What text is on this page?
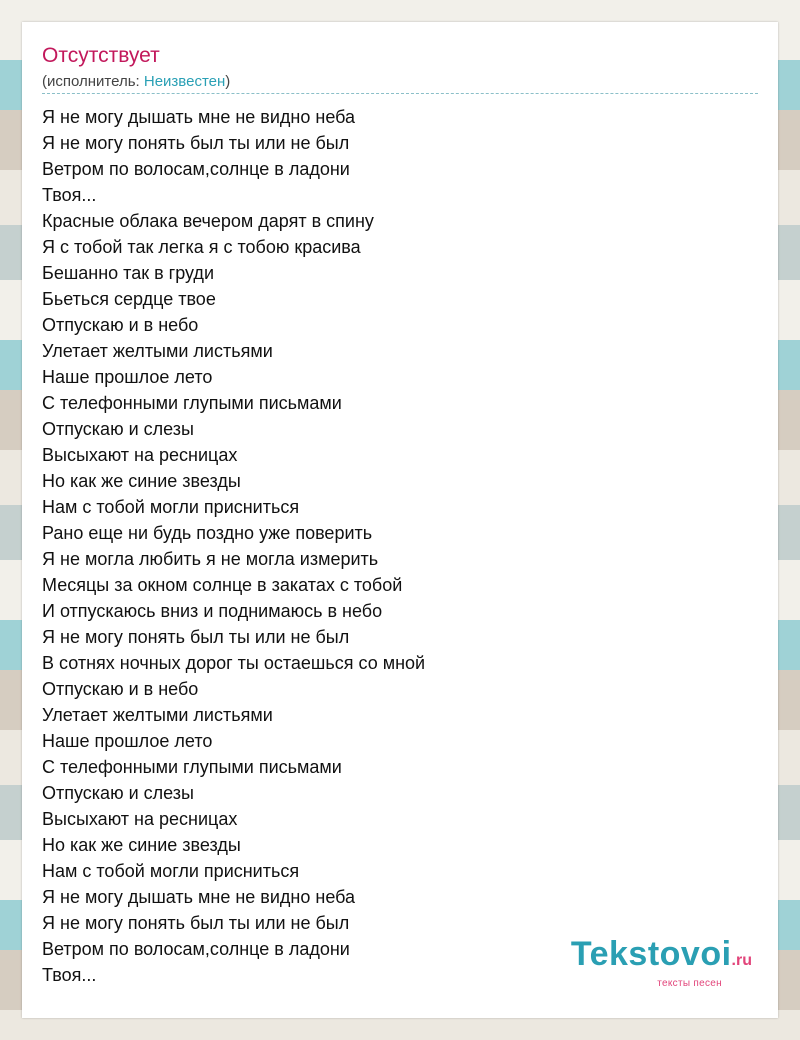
Отсутствует
(исполнитель: Неизвестен)
Я не могу дышать мне не видно неба
Я не могу понять был ты или не был
Ветром по волосам,солнце в ладони
Твоя...
Красные облака вечером дарят в спину
Я с тобой так легка я с тобою красива
Бешанно так в груди
Бьеться сердце твое
Отпускаю и в небо
Улетает желтыми листьями
Наше прошлое лето
С телефонными глупыми письмами
Отпускаю и слезы
Высыхают на ресницах
Но как же синие звезды
Нам с тобой могли присниться
Рано еще ни будь поздно уже поверить
Я не могла любить я не могла измерить
Месяцы за окном солнце в закатах с тобой
И отпускаюсь вниз и поднимаюсь в небо
Я не могу понять был ты или не был
В сотнях ночных дорог ты остаешься со мной
Отпускаю и в небо
Улетает желтыми листьями
Наше прошлое лето
С телефонными глупыми письмами
Отпускаю и слезы
Высыхают на ресницах
Но как же синие звезды
Нам с тобой могли присниться
Я не могу дышать мне не видно неба
Я не могу понять был ты или не был
Ветром по волосам,солнце в ладони
Твоя...
Tekstovoi.ru
тексты песен
